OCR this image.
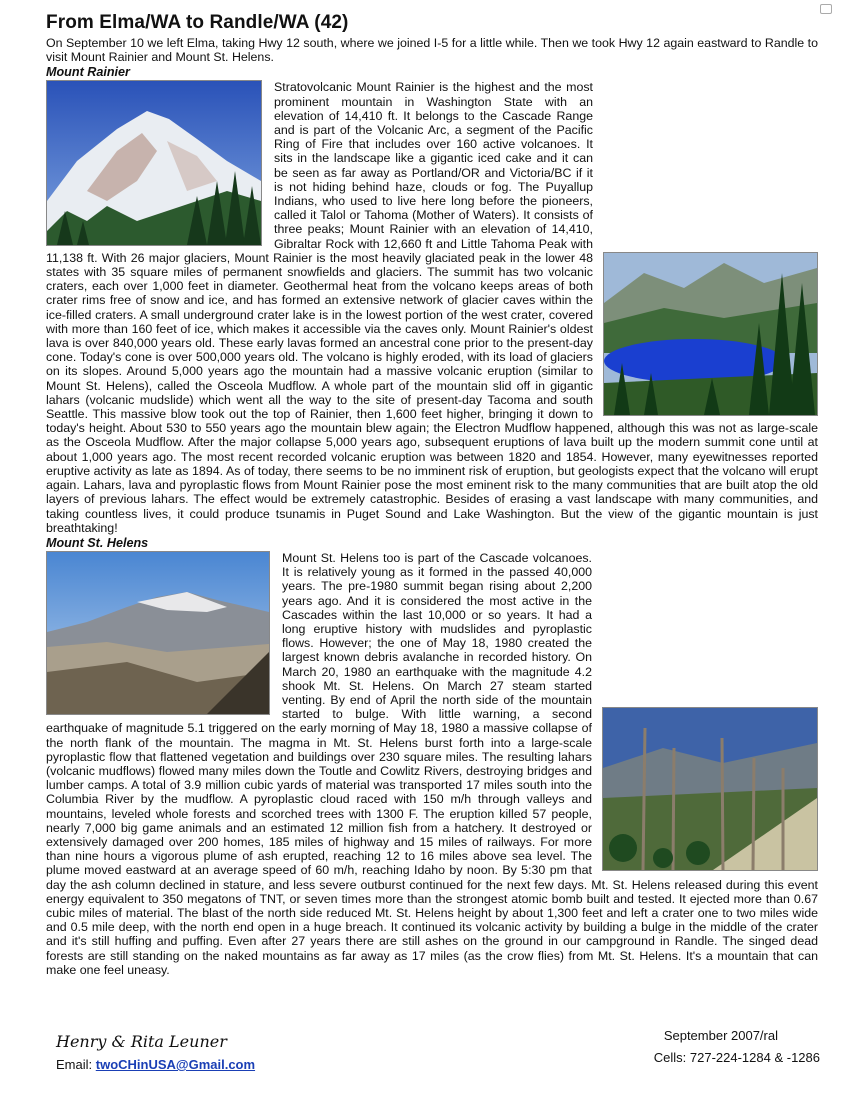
From Elma/WA to Randle/WA (42)

On September 10 we left Elma, taking Hwy 12 south, where we joined I-5 for a little while. Then we took Hwy 12 again eastward to Randle to visit Mount Rainier and Mount St. Helens.

Mount Rainier

Stratovolcanic Mount Rainier is the highest and the most prominent mountain in Washington State with an elevation of 14,410 ft. It belongs to the Cascade Range and is part of the Volcanic Arc, a segment of the Pacific Ring of Fire that includes over 160 active volcanoes. It sits in the landscape like a gigantic iced cake and it can be seen as far away as Portland/OR and Victoria/BC if it is not hiding behind haze, clouds or fog. The Puyallup Indians, who used to live here long before the pioneers, called it Talol or Tahoma (Mother of Waters). It consists of three peaks; Mount Rainier with an elevation of 14,410, Gibraltar Rock with 12,660 ft and Little Tahoma Peak with 11,138 ft. With 26 major glaciers, Mount Rainier is the most heavily glaciated peak in the lower 48 states with 35 square miles of permanent snowfields and glaciers. The summit has two volcanic craters, each over 1,000 feet in diameter. Geothermal heat from the volcano keeps areas of both crater rims free of snow and ice, and has formed an extensive network of glacier caves within the ice-filled craters. A small underground crater lake is in the lowest portion of the west crater, covered with more than 160 feet of ice, which makes it accessible via the caves only. Mount Rainier's oldest lava is over 840,000 years old. These early lavas formed an ancestral cone prior to the present-day cone. Today's cone is over 500,000 years old. The volcano is highly eroded, with its load of glaciers on its slopes. Around 5,000 years ago the mountain had a massive volcanic eruption (similar to Mount St. Helens), called the Osceola Mudflow. A whole part of the mountain slid off in gigantic lahars (volcanic mudslide) which went all the way to the site of present-day Tacoma and south Seattle. This massive blow took out the top of Rainier, then 1,600 feet higher, bringing it down to today's height. About 530 to 550 years ago the mountain blew again; the Electron Mudflow happened, although this was not as large-scale as the Osceola Mudflow. After the major collapse 5,000 years ago, subsequent eruptions of lava built up the modern summit cone until at about 1,000 years ago. The most recent recorded volcanic eruption was between 1820 and 1854. However, many eyewitnesses reported eruptive activity as late as 1894. As of today, there seems to be no imminent risk of eruption, but geologists expect that the volcano will erupt again. Lahars, lava and pyroplastic flows from Mount Rainier pose the most eminent risk to the many communities that are built atop the old layers of previous lahars. The effect would be extremely catastrophic. Besides of erasing a vast landscape with many communities, and taking countless lives, it could produce tsunamis in Puget Sound and Lake Washington. But the view of the gigantic mountain is just breathtaking!

Mount St. Helens

Mount St. Helens too is part of the Cascade volcanoes. It is relatively young as it formed in the passed 40,000 years. The pre-1980 summit began rising about 2,200 years ago. And it is considered the most active in the Cascades within the last 10,000 or so years. It had a long eruptive history with mudslides and pyroplastic flows. However; the one of May 18, 1980 created the largest known debris avalanche in recorded history. On March 20, 1980 an earthquake with the magnitude 4.2 shook Mt. St. Helens. On March 27 steam started venting. By end of April the north side of the mountain started to bulge. With little warning, a second earthquake of magnitude 5.1 triggered on the early morning of May 18, 1980 a massive collapse of the north flank of the mountain. The magma in Mt. St. Helens burst forth into a large-scale pyroplastic flow that flattened vegetation and buildings over 230 square miles. The resulting lahars (volcanic mudflows) flowed many miles down the Toutle and Cowlitz Rivers, destroying bridges and lumber camps. A total of 3.9 million cubic yards of material was transported 17 miles south into the Columbia River by the mudflow. A pyroplastic cloud raced with 150 m/h through valleys and mountains, leveled whole forests and scorched trees with 1300 F. The eruption killed 57 people, nearly 7,000 big game animals and an estimated 12 million fish from a hatchery. It destroyed or extensively damaged over 200 homes, 185 miles of highway and 15 miles of railways. For more than nine hours a vigorous plume of ash erupted, reaching 12 to 16 miles above sea level. The plume moved eastward at an average speed of 60 m/h, reaching Idaho by noon. By 5:30 pm that day the ash column declined in stature, and less severe outburst continued for the next few days. Mt. St. Helens released during this event energy equivalent to 350 megatons of TNT, or seven times more than the strongest atomic bomb built and tested. It ejected more than 0.67 cubic miles of material. The blast of the north side reduced Mt. St. Helens height by about 1,300 feet and left a crater one to two miles wide and 0.5 mile deep, with the north end open in a huge breach. It continued its volcanic activity by building a bulge in the middle of the crater and it's still huffing and puffing. Even after 27 years there are still ashes on the ground in our campground in Randle. The singed dead forests are still standing on the naked mountains as far away as 17 miles (as the crow flies) from Mt. St. Helens. It's a mountain that can make one feel uneasy.

Henry & Rita Leuner
Email: twoCHinUSA@Gmail.com
September 2007/ral
Cells: 727-224-1284 & -1286
